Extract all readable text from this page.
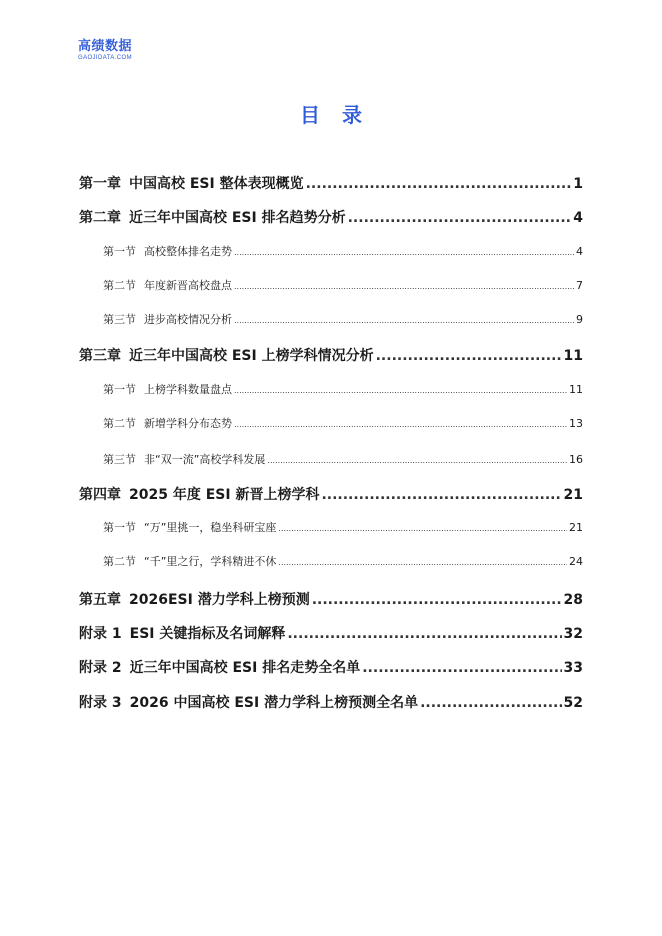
高绩数据
GAOJIDATA.COM
目录
第一章 中国高校 ESI 整体表现概览 .....	1
第二章 近三年中国高校 ESI 排名趋势分析 .....	4
第一节 高校整体排名走势 .....	4
第二节 年度新晋高校盘点 .....	7
第三节 进步高校情况分析 .....	9
第三章 近三年中国高校 ESI 上榜学科情况分析 .....	11
第一节 上榜学科数量盘点 .....	11
第二节 新增学科分布态势 .....	13
第三节 非“双一流”高校学科发展 .....	16
第四章 2025 年度 ESI 新晋上榜学科 .....	21
第一节 “万”里挑一，稳坐科研宝座 .....	21
第二节 “千”里之行，学科精进不休 .....	24
第五章 2026ESI 潜力学科上榜预测 .....	28
附录 1 ESI 关键指标及名词解释 .....	32
附录 2 近三年中国高校 ESI 排名走势全名单 .....	33
附录 3 2026 中国高校 ESI 潜力学科上榜预测全名单 .....	52
